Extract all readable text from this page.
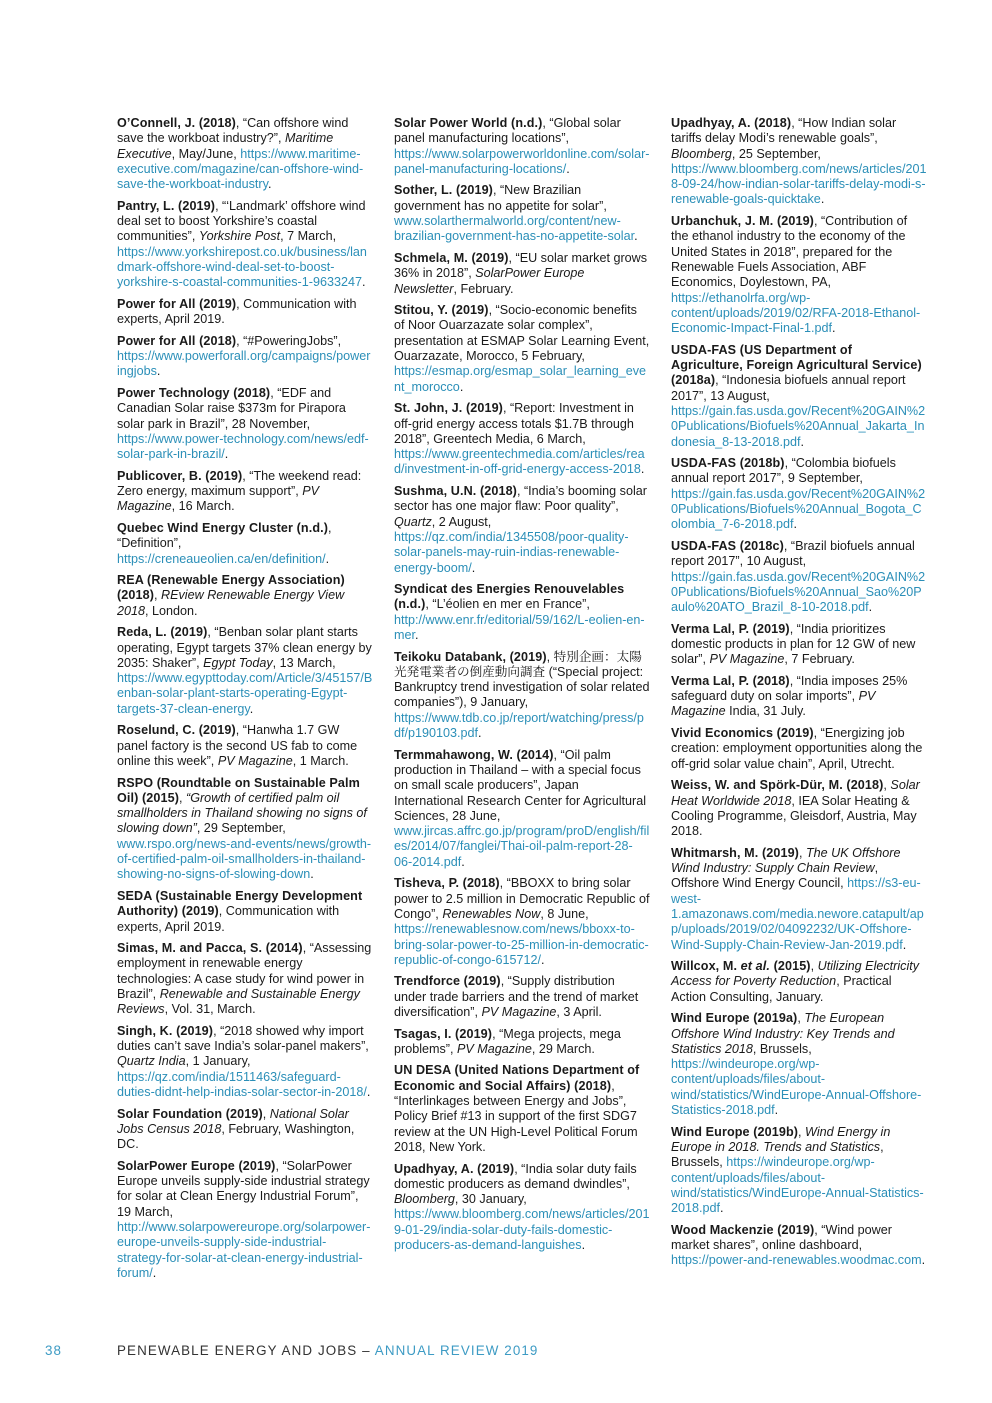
O’Connell, J. (2018), “Can offshore wind save the workboat industry?”, Maritime Executive, May/June, https://www.maritime-executive.com/magazine/can-offshore-wind-save-the-workboat-industry.

Pantry, L. (2019), “‘Landmark’ offshore wind deal set to boost Yorkshire’s coastal communities”, Yorkshire Post, 7 March, https://www.yorkshirepost.co.uk/business/landmark-offshore-wind-deal-set-to-boost-yorkshire-s-coastal-communities-1-9633247.

Power for All (2019), Communication with experts, April 2019.

Power for All (2018), “#PoweringJobs”, https://www.powerforall.org/campaigns/poweringjobs.

Power Technology (2018), “EDF and Canadian Solar raise $373m for Pirapora solar park in Brazil”, 28 November, https://www.power-technology.com/news/edf-solar-park-in-brazil/.

Publicover, B. (2019), “The weekend read: Zero energy, maximum support”, PV Magazine, 16 March.

Quebec Wind Energy Cluster (n.d.), “Definition”, https://creneaueolien.ca/en/definition/.

REA (Renewable Energy Association) (2018), REview Renewable Energy View 2018, London.

Reda, L. (2019), “Benban solar plant starts operating, Egypt targets 37% clean energy by 2035: Shaker”, Egypt Today, 13 March, https://www.egypttoday.com/Article/3/45157/Benban-solar-plant-starts-operating-Egypt-targets-37-clean-energy.

Roselund, C. (2019), “Hanwha 1.7 GW panel factory is the second US fab to come online this week”, PV Magazine, 1 March.

RSPO (Roundtable on Sustainable Palm Oil) (2015), “Growth of certified palm oil smallholders in Thailand showing no signs of slowing down”, 29 September, www.rspo.org/news-and-events/news/growth-of-certified-palm-oil-smallholders-in-thailand-showing-no-signs-of-slowing-down.

SEDA (Sustainable Energy Development Authority) (2019), Communication with experts, April 2019.

Simas, M. and Pacca, S. (2014), “Assessing employment in renewable energy technologies: A case study for wind power in Brazil”, Renewable and Sustainable Energy Reviews, Vol. 31, March.

Singh, K. (2019), “2018 showed why import duties can’t save India’s solar-panel makers”, Quartz India, 1 January, https://qz.com/india/1511463/safeguard-duties-didnt-help-indias-solar-sector-in-2018/.

Solar Foundation (2019), National Solar Jobs Census 2018, February, Washington, DC.

SolarPower Europe (2019), “SolarPower Europe unveils supply-side industrial strategy for solar at Clean Energy Industrial Forum”, 19 March, http://www.solarpowereurope.org/solarpower-europe-unveils-supply-side-industrial-strategy-for-solar-at-clean-energy-industrial-forum/.

Solar Power World (n.d.), “Global solar panel manufacturing locations”, https://www.solarpowerworldonline.com/solar-panel-manufacturing-locations/.

Sother, L. (2019), “New Brazilian government has no appetite for solar”, www.solarthermalworld.org/content/new-brazilian-government-has-no-appetite-solar.

Schmela, M. (2019), “EU solar market grows 36% in 2018”, SolarPower Europe Newsletter, February.

Stitou, Y. (2019), “Socio-economic benefits of Noor Ouarzazate solar complex”, presentation at ESMAP Solar Learning Event, Ouarzazate, Morocco, 5 February, https://esmap.org/esmap_solar_learning_event_morocco.

St. John, J. (2019), “Report: Investment in off-grid energy access totals $1.7B through 2018”, Greentech Media, 6 March, https://www.greentechmedia.com/articles/read/investment-in-off-grid-energy-access-2018.

Sushma, U.N. (2018), “India’s booming solar sector has one major flaw: Poor quality”, Quartz, 2 August, https://qz.com/india/1345508/poor-quality-solar-panels-may-ruin-indias-renewable-energy-boom/.

Syndicat des Energies Renouvelables (n.d.), “L’éolien en mer en France”, http://www.enr.fr/editorial/59/162/L-eolien-en-mer.

Teikoku Databank, (2019), 特別企画：太陽光発電業者の倒産動向調査 (“Special project: Bankruptcy trend investigation of solar related companies”), 9 January, https://www.tdb.co.jp/report/watching/press/pdf/p190103.pdf.

Termmahawong, W. (2014), “Oil palm production in Thailand – with a special focus on small scale producers”, Japan International Research Center for Agricultural Sciences, 28 June, www.jircas.affrc.go.jp/program/proD/english/files/2014/07/fanglei/Thai-oil-palm-report-28-06-2014.pdf.

Tisheva, P. (2018), “BBOXX to bring solar power to 2.5 million in Democratic Republic of Congo”, Renewables Now, 8 June, https://renewablesnow.com/news/bboxx-to-bring-solar-power-to-25-million-in-democratic-republic-of-congo-615712/.

Trendforce (2019), “Supply distribution under trade barriers and the trend of market diversification”, PV Magazine, 3 April.

Tsagas, I. (2019), “Mega projects, mega problems”, PV Magazine, 29 March.

UN DESA (United Nations Department of Economic and Social Affairs) (2018), “Interlinkages between Energy and Jobs”, Policy Brief #13 in support of the first SDG7 review at the UN High-Level Political Forum 2018, New York.

Upadhyay, A. (2019), “India solar duty fails domestic producers as demand dwindles”, Bloomberg, 30 January, https://www.bloomberg.com/news/articles/2019-01-29/india-solar-duty-fails-domestic-producers-as-demand-languishes.

Upadhyay, A. (2018), “How Indian solar tariffs delay Modi’s renewable goals”, Bloomberg, 25 September, https://www.bloomberg.com/news/articles/2018-09-24/how-indian-solar-tariffs-delay-modi-s-renewable-goals-quicktake.

Urbanchuk, J. M. (2019), “Contribution of the ethanol industry to the economy of the United States in 2018”, prepared for the Renewable Fuels Association, ABF Economics, Doylestown, PA, https://ethanolrfa.org/wp-content/uploads/2019/02/RFA-2018-Ethanol-Economic-Impact-Final-1.pdf.

USDA-FAS (US Department of Agriculture, Foreign Agricultural Service) (2018a), “Indonesia biofuels annual report 2017”, 13 August, https://gain.fas.usda.gov/Recent%20GAIN%20Publications/Biofuels%20Annual_Jakarta_Indonesia_8-13-2018.pdf.

USDA-FAS (2018b), “Colombia biofuels annual report 2017”, 9 September, https://gain.fas.usda.gov/Recent%20GAIN%20Publications/Biofuels%20Annual_Bogota_Colombia_7-6-2018.pdf.

USDA-FAS (2018c), “Brazil biofuels annual report 2017”, 10 August, https://gain.fas.usda.gov/Recent%20GAIN%20Publications/Biofuels%20Annual_Sao%20Paulo%20ATO_Brazil_8-10-2018.pdf.

Verma Lal, P. (2019), “India prioritizes domestic products in plan for 12 GW of new solar”, PV Magazine, 7 February.

Verma Lal, P. (2018), “India imposes 25% safeguard duty on solar imports”, PV Magazine India, 31 July.

Vivid Economics (2019), “Energizing job creation: employment opportunities along the off-grid solar value chain”, April, Utrecht.

Weiss, W. and Spörk-Dür, M. (2018), Solar Heat Worldwide 2018, IEA Solar Heating & Cooling Programme, Gleisdorf, Austria, May 2018.

Whitmarsh, M. (2019), The UK Offshore Wind Industry: Supply Chain Review, Offshore Wind Energy Council, https://s3-eu-west-1.amazonaws.com/media.newore.catapult/app/uploads/2019/02/04092232/UK-Offshore-Wind-Supply-Chain-Review-Jan-2019.pdf.

Willcox, M. et al. (2015), Utilizing Electricity Access for Poverty Reduction, Practical Action Consulting, January.

Wind Europe (2019a), The European Offshore Wind Industry: Key Trends and Statistics 2018, Brussels, https://windeurope.org/wp-content/uploads/files/about-wind/statistics/WindEurope-Annual-Offshore-Statistics-2018.pdf.

Wind Europe (2019b), Wind Energy in Europe in 2018. Trends and Statistics, Brussels, https://windeurope.org/wp-content/uploads/files/about-wind/statistics/WindEurope-Annual-Statistics-2018.pdf.

Wood Mackenzie (2019), “Wind power market shares”, online dashboard, https://power-and-renewables.woodmac.com.

38	PENEWABLE ENERGY AND JOBS – ANNUAL REVIEW 2019
